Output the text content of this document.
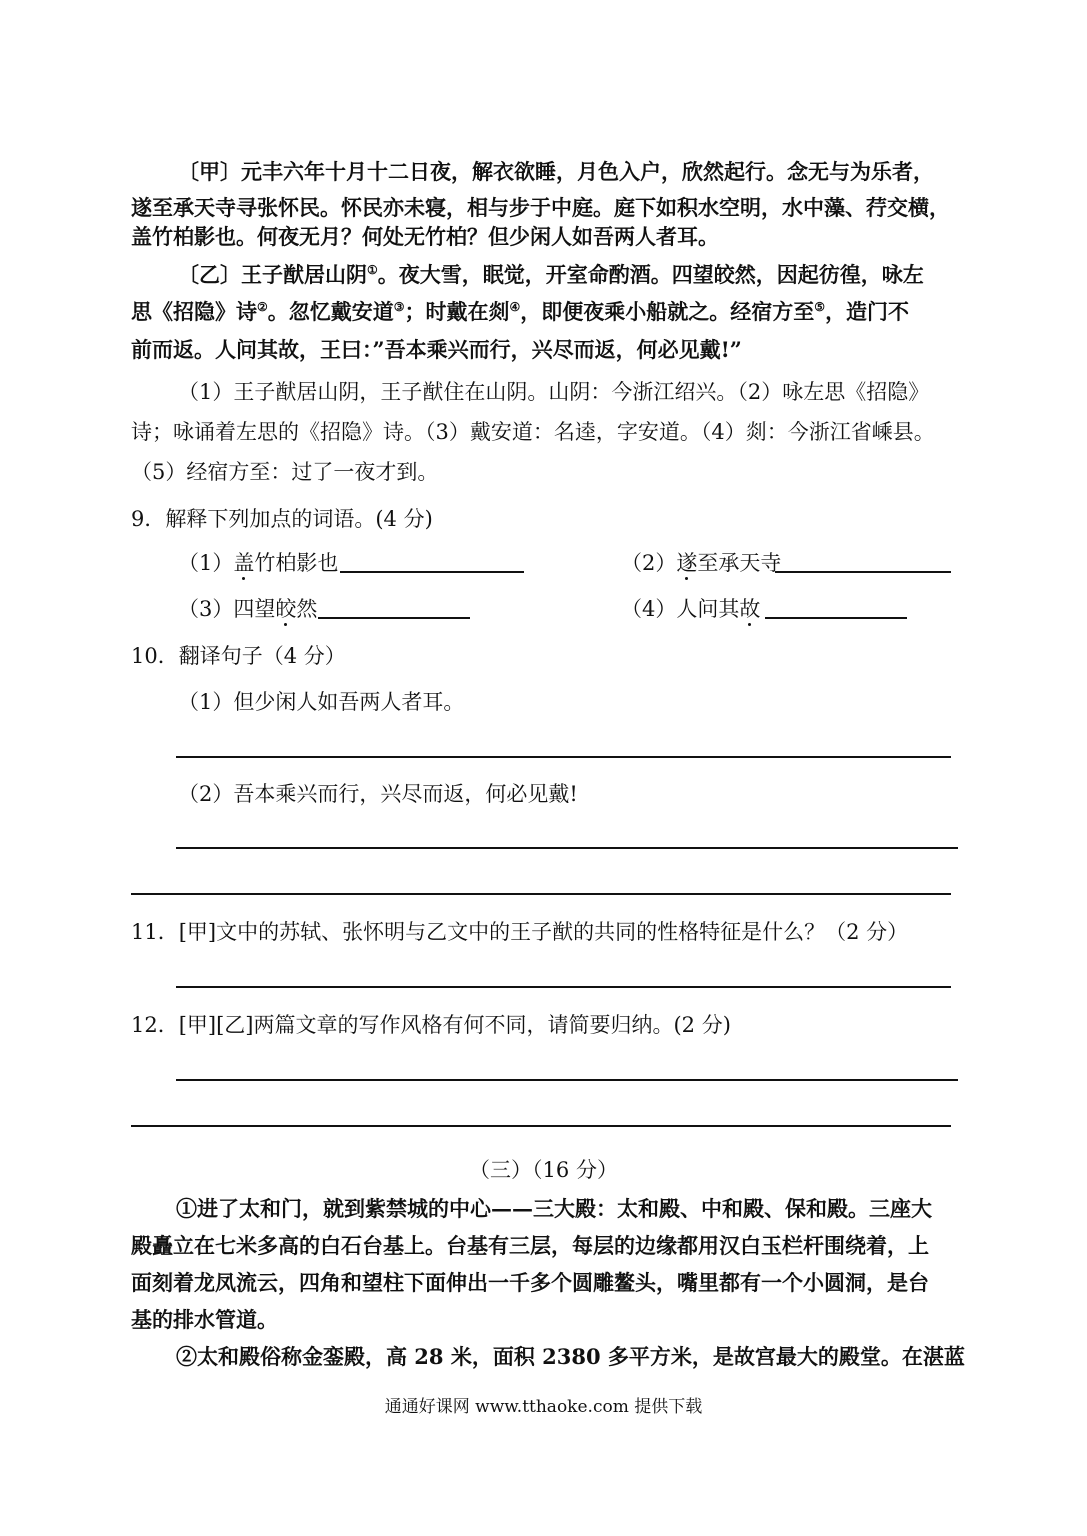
〔甲〕元丰六年十月十二日夜，解衣欲睡，月色入户，欣然起行。念无与为乐者，
遂至承天寺寻张怀民。怀民亦未寝，相与步于中庭。庭下如积水空明，水中藻、荇交横，
盖竹柏影也。何夜无月？何处无竹柏？但少闲人如吾两人者耳。
〔乙〕王子猷居山阴①。夜大雪，眠觉，开室命酌酒。四望皎然，因起彷徨，咏左
思《招隐》诗②。忽忆戴安道③；时戴在剡④，即便夜乘小船就之。经宿方至⑤，造门不
前而返。人问其故，王曰：”吾本乘兴而行，兴尽而返，何必见戴!”
（1）王子猷居山阴，王子猷住在山阴。山阴：今浙江绍兴。（2）咏左思《招隐》
诗；咏诵着左思的《招隐》诗。（3）戴安道：名逵，字安道。（4）剡：今浙江省嵊县。
（5）经宿方至：过了一夜才到。
9．解释下列加点的词语。(4 分)
（1）盖竹柏影也	（2）遂至承天寺
（3）四望皎然	（4）人问其故
10．翻译句子（4 分）
（1）但少闲人如吾两人者耳。
（2）吾本乘兴而行，兴尽而返，何必见戴!
11．[甲]文中的苏轼、张怀明与乙文中的王子猷的共同的性格特征是什么？（2 分）
12．[甲][乙]两篇文章的写作风格有何不同，请简要归纳。(2 分)
（三）（16 分）
①进了太和门，就到紫禁城的中心——三大殿：太和殿、中和殿、保和殿。三座大
殿矗立在七米多高的白石台基上。台基有三层，每层的边缘都用汉白玉栏杆围绕着，上
面刻着龙凤流云，四角和望柱下面伸出一千多个圆雕鳌头，嘴里都有一个小圆洞，是台
基的排水管道。
②太和殿俗称金銮殿，高 28 米，面积 2380 多平方米，是故宫最大的殿堂。在湛蓝
通通好课网 www.tthaoke.com 提供下载
